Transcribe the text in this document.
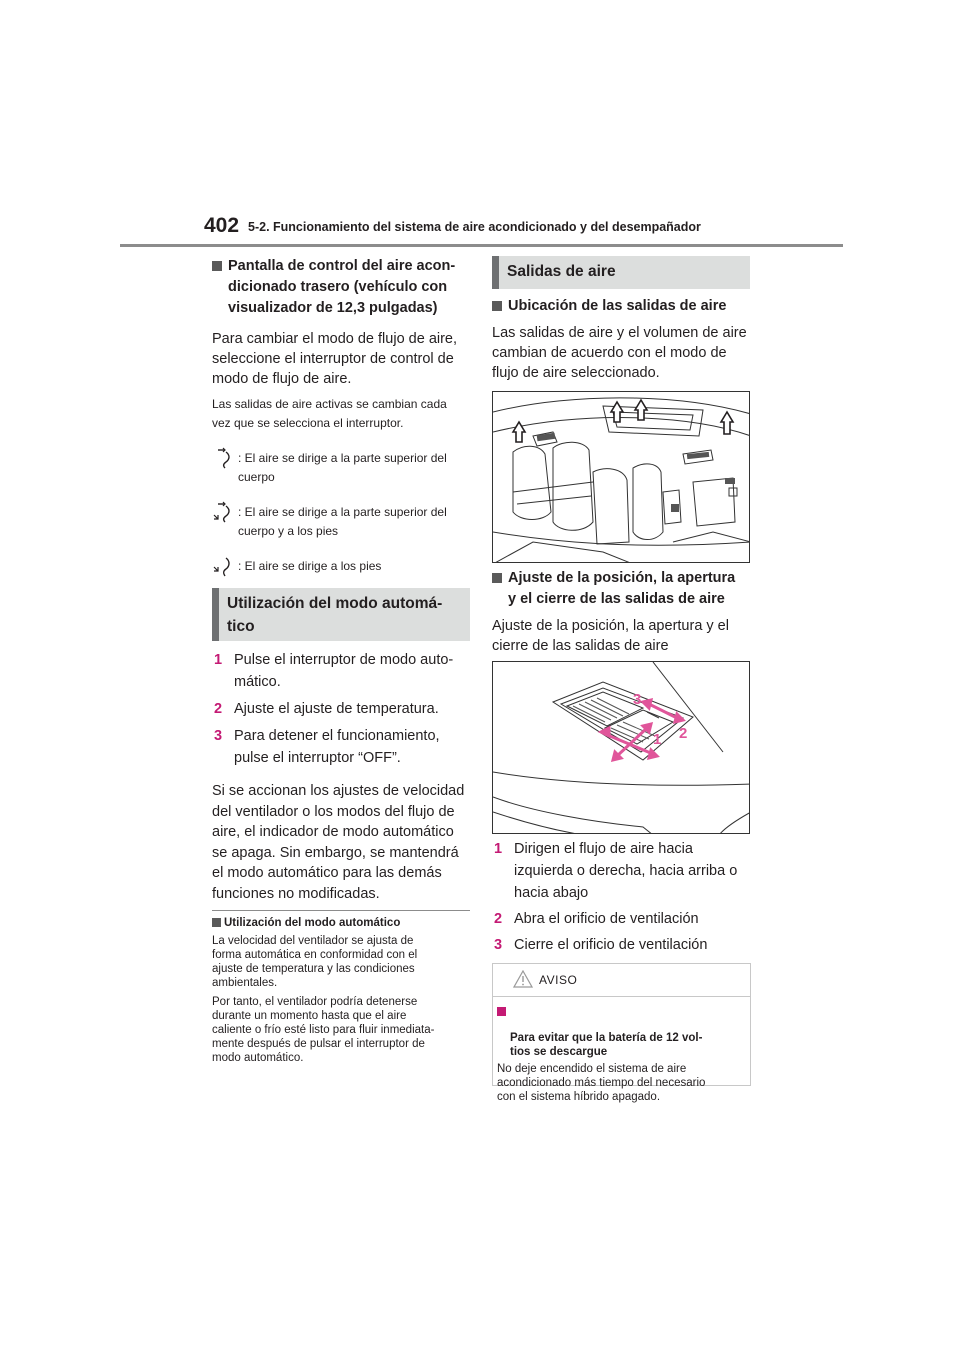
402 5-2. Funcionamiento del sistema de aire acondicionado y del desempañador
Pantalla de control del aire acon-
dicionado trasero (vehículo con
visualizador de 12,3 pulgadas)
Para cambiar el modo de flujo de aire,
seleccione el interruptor de control de
modo de flujo de aire.
Las salidas de aire activas se cambian cada
vez que se selecciona el interruptor.
: El aire se dirige a la parte superior del
cuerpo
: El aire se dirige a la parte superior del
cuerpo y a los pies
: El aire se dirige a los pies
Utilización del modo automá-
tico
1 Pulse el interruptor de modo auto-
mático.
2 Ajuste el ajuste de temperatura.
3 Para detener el funcionamiento,
pulse el interruptor “OFF”.
Si se accionan los ajustes de velocidad
del ventilador o los modos del flujo de
aire, el indicador de modo automático
se apaga. Sin embargo, se mantendrá
el modo automático para las demás
funciones no modificadas.
Utilización del modo automático
La velocidad del ventilador se ajusta de
forma automática en conformidad con el
ajuste de temperatura y las condiciones
ambientales.
Por tanto, el ventilador podría detenerse
durante un momento hasta que el aire
caliente o frío esté listo para fluir inmediata-
mente después de pulsar el interruptor de
modo automático.
Salidas de aire
Ubicación de las salidas de aire
Las salidas de aire y el volumen de aire
cambian de acuerdo con el modo de
flujo de aire seleccionado.
Ajuste de la posición, la apertura
y el cierre de las salidas de aire
Ajuste de la posición, la apertura y el
cierre de las salidas de aire
1 2
3
1 Dirigen el flujo de aire hacia
izquierda o derecha, hacia arriba o
hacia abajo
2 Abra el orificio de ventilación
3 Cierre el orificio de ventilación
AVISO

Para evitar que la batería de 12 vol-
tios se descargue

No deje encendido el sistema de aire
acondicionado más tiempo del necesario
con el sistema híbrido apagado.
